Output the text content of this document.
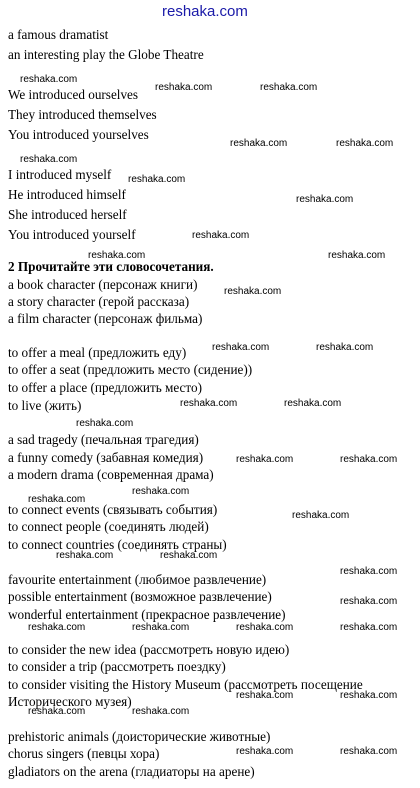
reshaka.com
a famous dramatist
an interesting play the Globe Theatre
We introduced ourselves
They introduced themselves
You introduced yourselves
I introduced myself
He introduced himself
She introduced herself
You introduced yourself
2 Прочитайте эти словосочетания.
a book character (персонаж книги)
a story character (герой рассказа)
a film character (персонаж фильма)
to offer a meal (предложить еду)
to offer a seat (предложить место (сидение))
to offer a place (предложить место)
to live (жить)
a sad tragedy (печальная трагедия)
a funny comedy (забавная комедия)
a modern drama (современная драма)
to connect events (связывать события)
to connect people (соединять людей)
to connect countries (соединять страны)
favourite entertainment (любимое развлечение)
possible entertainment (возможное развлечение)
wonderful entertainment (прекрасное развлечение)
to consider the new idea (рассмотреть новую идею)
to consider a trip (рассмотреть поездку)
to consider visiting the History Museum (рассмотреть посещение
Исторического музея)
prehistoric animals (доисторические животные)
chorus singers (певцы хора)
gladiators on the arena (гладиаторы на арене)
reshaka.com
reshaka.com	reshaka.com
reshaka.com	reshaka.com
reshaka.com
reshaka.com
reshaka.com
reshaka.com
reshaka.com	reshaka.com
reshaka.com
reshaka.com	reshaka.com
reshaka.com	reshaka.com
reshaka.com
reshaka.com	reshaka.com
reshaka.com
reshaka.com
reshaka.com
reshaka.com	reshaka.com
reshaka.com
reshaka.com
reshaka.com	reshaka.com	reshaka.com	reshaka.com
reshaka.com	reshaka.com
reshaka.com	reshaka.com
reshaka.com	reshaka.com
